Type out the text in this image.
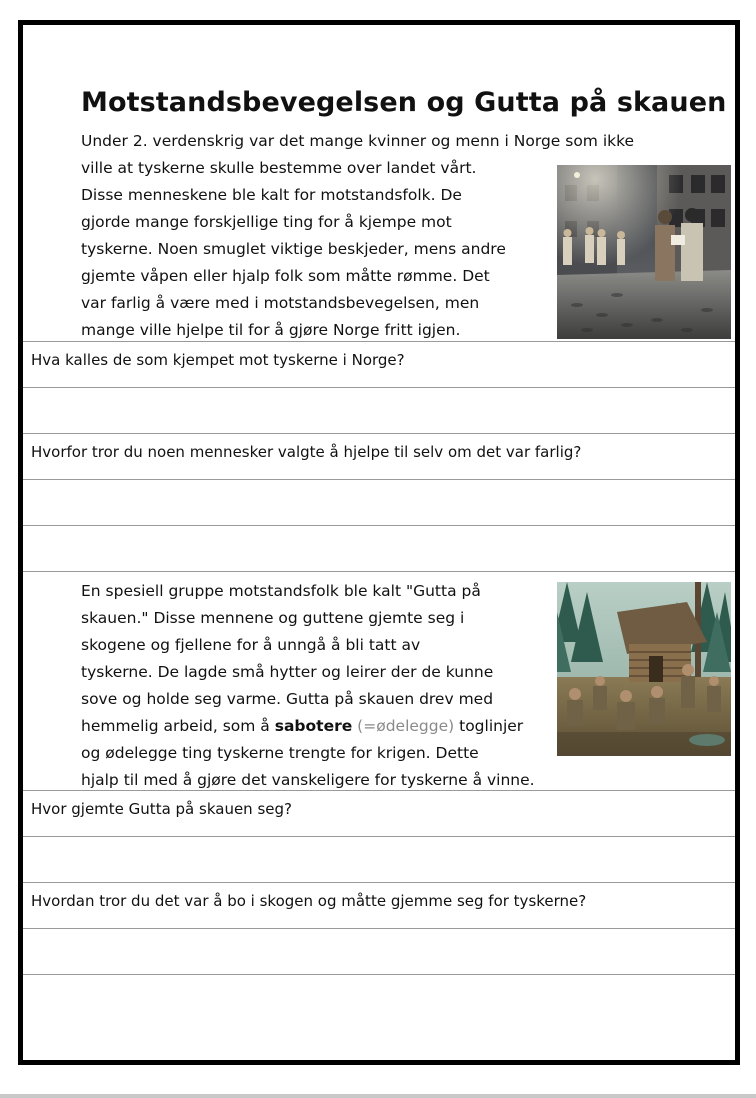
Motstandsbevegelsen og Gutta på skauen

Under 2. verdenskrig var det mange kvinner og menn i Norge som ikke
ville at tyskerne skulle bestemme over landet vårt.
Disse menneskene ble kalt for motstandsfolk. De
gjorde mange forskjellige ting for å kjempe mot
tyskerne. Noen smuglet viktige beskjeder, mens andre
gjemte våpen eller hjalp folk som måtte rømme. Det
var farlig å være med i motstandsbevegelsen, men
mange ville hjelpe til for å gjøre Norge fritt igjen.

Hva kalles de som kjempet mot tyskerne i Norge?
Hvorfor tror du noen mennesker valgte å hjelpe til selv om det var farlig?

En spesiell gruppe motstandsfolk ble kalt "Gutta på
skauen." Disse mennene og guttene gjemte seg i
skogene og fjellene for å unngå å bli tatt av
tyskerne. De lagde små hytter og leirer der de kunne
sove og holde seg varme. Gutta på skauen drev med
hemmelig arbeid, som å sabotere (=ødelegge) toglinjer
og ødelegge ting tyskerne trengte for krigen. Dette
hjalp til med å gjøre det vanskeligere for tyskerne å vinne.

Hvor gjemte Gutta på skauen seg?
Hvordan tror du det var å bo i skogen og måtte gjemme seg for tyskerne?
